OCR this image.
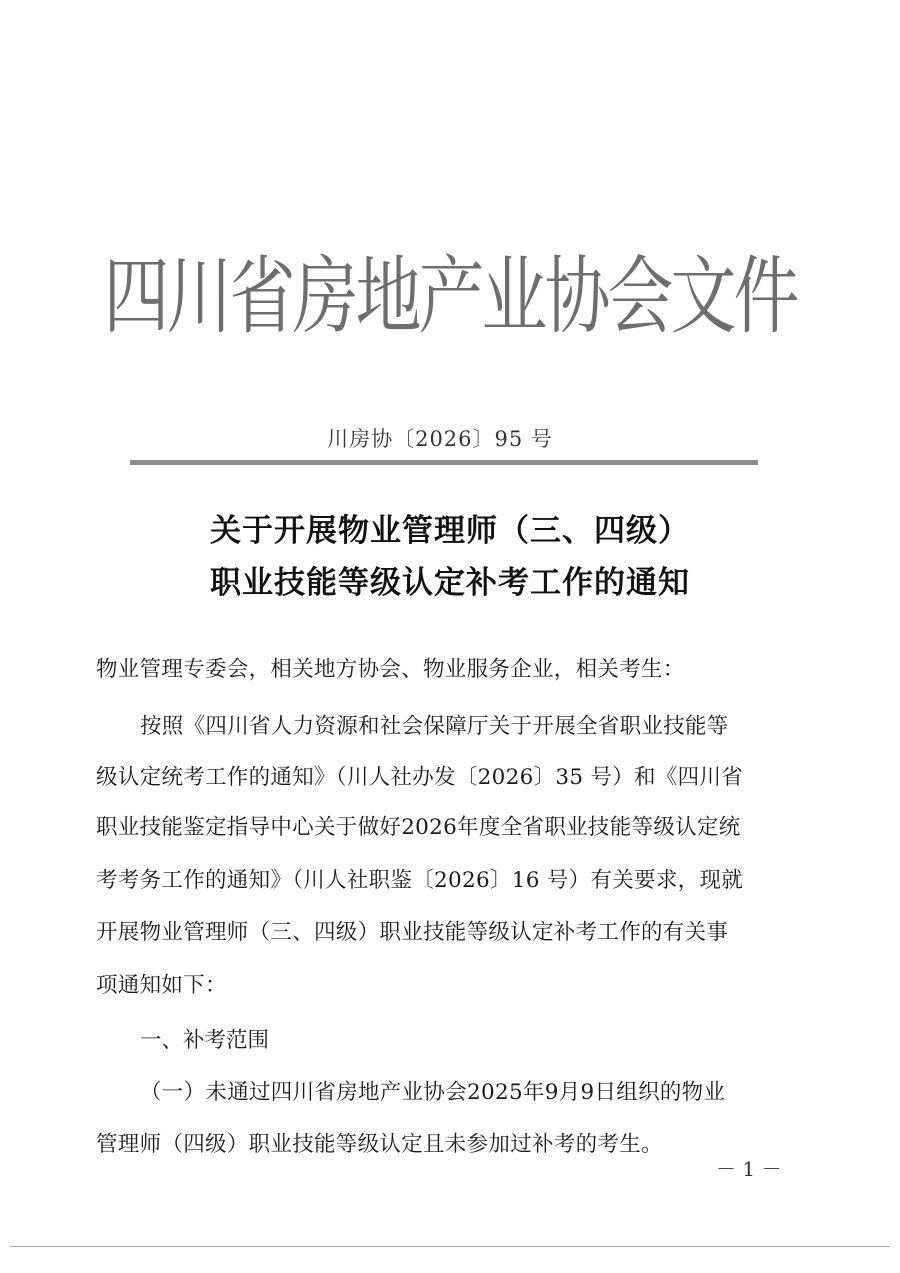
四川省房地产业协会文件
川房协〔2026〕95 号
关于开展物业管理师（三、四级）
职业技能等级认定补考工作的通知
物业管理专委会，相关地方协会、物业服务企业，相关考生：
按照《四川省人力资源和社会保障厅关于开展全省职业技能等
级认定统考工作的通知》（川人社办发〔2026〕35 号）和《四川省
职业技能鉴定指导中心关于做好2026年度全省职业技能等级认定统
考考务工作的通知》（川人社职鉴〔2026〕16 号）有关要求，现就
开展物业管理师（三、四级）职业技能等级认定补考工作的有关事
项通知如下：
一、补考范围
（一）未通过四川省房地产业协会2025年9月9日组织的物业
管理师（四级）职业技能等级认定且未参加过补考的考生。
－ 1 －
